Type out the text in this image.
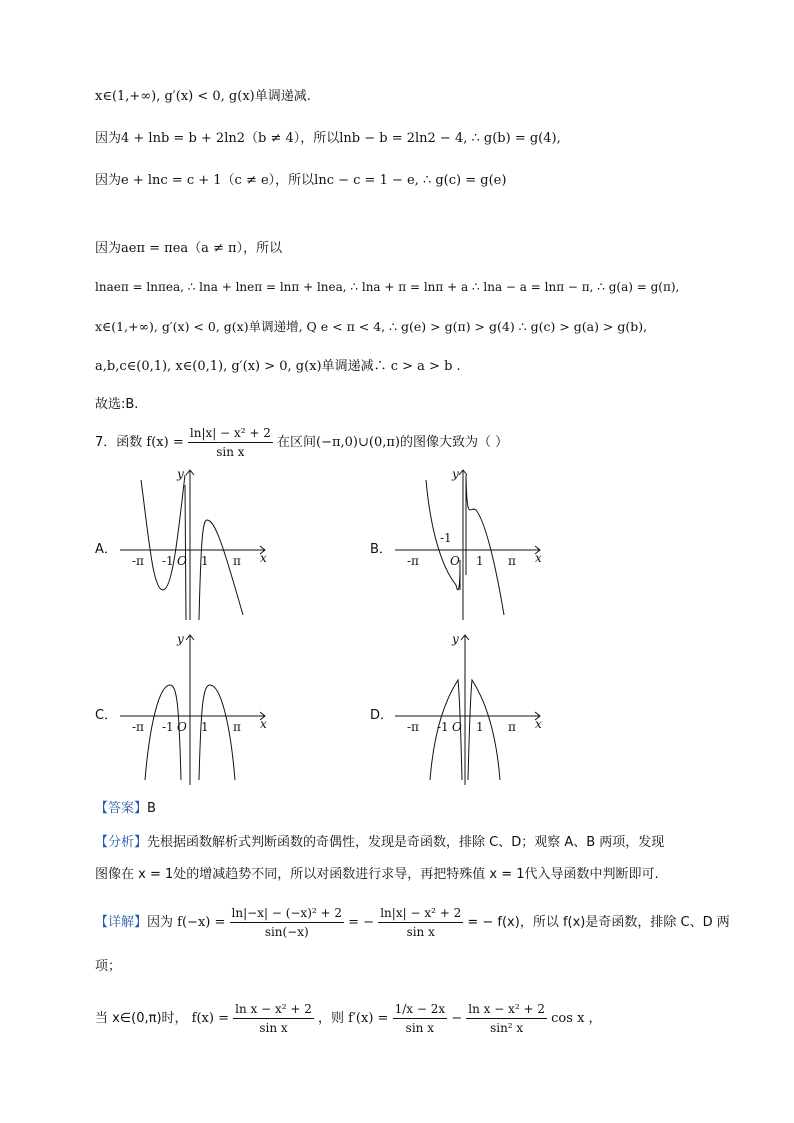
x∈(1,+∞), g′(x) < 0, g(x)单调递减.
因为4 + lnb = b + 2ln2（b ≠ 4），所以lnb − b = 2ln2 − 4, ∴ g(b) = g(4),
因为e + lnc = c + 1（c ≠ e），所以lnc − c = 1 − e, ∴ g(c) = g(e)
因为aeπ = πea（a ≠ π），所以
lnaeπ = lnπea, ∴ lna + lneπ = lnπ + lnea, ∴ lna + π = lnπ + a ∴ lna − a = lnπ − π, ∴ g(a) = g(π),
x∈(1,+∞), g′(x) < 0, g(x)单调递增, Q e < π < 4, ∴ g(e) > g(π) > g(4) ∴ g(c) > g(a) > g(b),
a,b,c∈(0,1), x∈(0,1), g′(x) > 0, g(x)单调递减∴ c > a > b .
故选:B.
7．函数 $f(x) = \frac{\text{ln|x| − x² + 2}}{\text{sin x}}$ 在区间(−π,0)∪(0,π)的图像大致为（ ）
A．	B．
C．	D．
-π -1 O 1 π x
y
-π
-1
O 1 π x
y
-π -1 O 1 π x
y
-π -1 O 1 π x
y
【答案】B
【分析】先根据函数解析式判断函数的奇偶性，发现是奇函数，排除 C、D；观察 A、B 两项，发现
图像在 x = 1处的增减趋势不同，所以对函数进行求导，再把特殊值 x = 1代入导函数中判断即可.
【详解】因为 $f(-x) = \frac{\text{ln|−x| − (−x)² + 2}}{\sin(-x)}$ = − $\frac{\text{ln|x| − x² + 2}}{\text{sin x}}$ = − f(x)，所以 f(x)是奇函数，排除 C、D 两
项；
当 x∈(0,π)时， $f(x) = \frac{\text{ln x − x² + 2}}{\text{sin x}}$ ，则 $f'(x) = \frac{1/x - 2x}{\text{sin x}} - \frac{\text{ln x − x² + 2}}{\text{sin² x}}$ cos x ，
